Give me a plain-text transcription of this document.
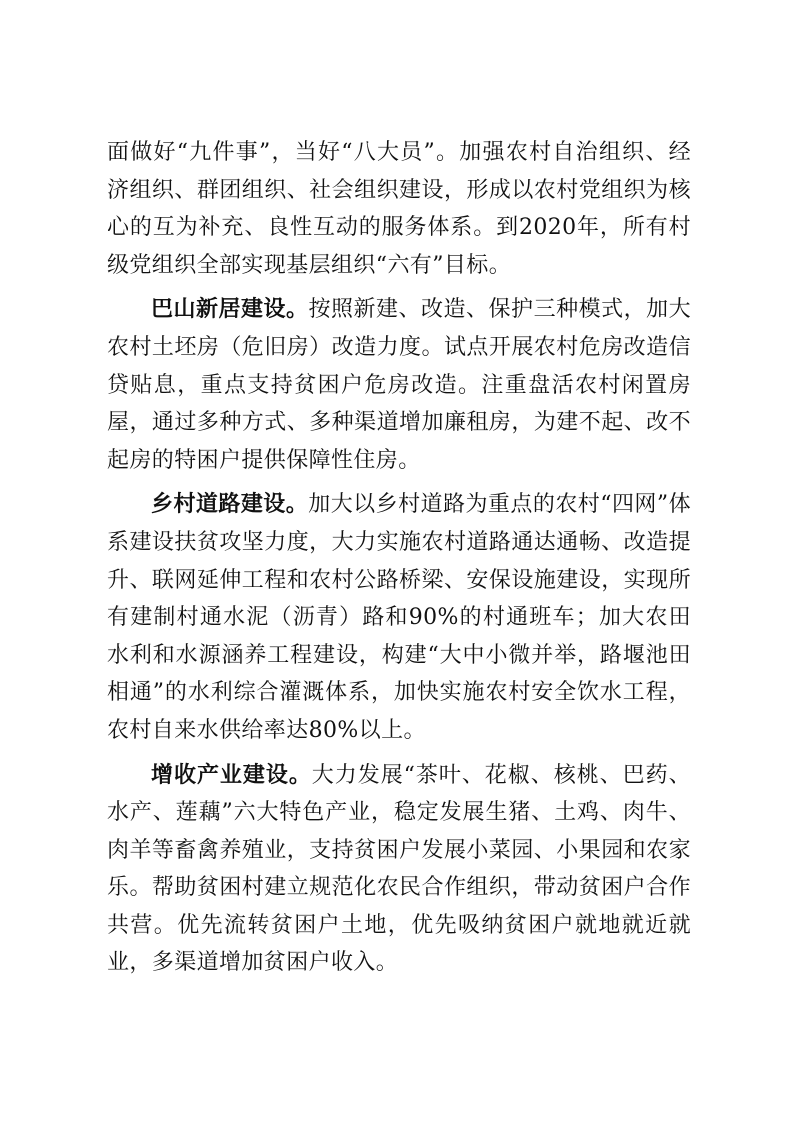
面做好“九件事”，当好“八大员”。加强农村自治组织、经济组织、群团组织、社会组织建设，形成以农村党组织为核心的互为补充、良性互动的服务体系。到2020年，所有村级党组织全部实现基层组织“六有”目标。

巴山新居建设。按照新建、改造、保护三种模式，加大农村土坯房（危旧房）改造力度。试点开展农村危房改造信贷贴息，重点支持贫困户危房改造。注重盘活农村闲置房屋，通过多种方式、多种渠道增加廉租房，为建不起、改不起房的特困户提供保障性住房。

乡村道路建设。加大以乡村道路为重点的农村“四网”体系建设扶贫攻坚力度，大力实施农村道路通达通畅、改造提升、联网延伸工程和农村公路桥梁、安保设施建设，实现所有建制村通水泥（沥青）路和90%的村通班车；加大农田水利和水源涵养工程建设，构建“大中小微并举，路堰池田相通”的水利综合灌溉体系，加快实施农村安全饮水工程，农村自来水供给率达80%以上。

增收产业建设。大力发展“茶叶、花椒、核桃、巴药、水产、莲藕”六大特色产业，稳定发展生猪、土鸡、肉牛、肉羊等畜禽养殖业，支持贫困户发展小菜园、小果园和农家乐。帮助贫困村建立规范化农民合作组织，带动贫困户合作共营。优先流转贫困户土地，优先吸纳贫困户就地就近就业，多渠道增加贫困户收入。
